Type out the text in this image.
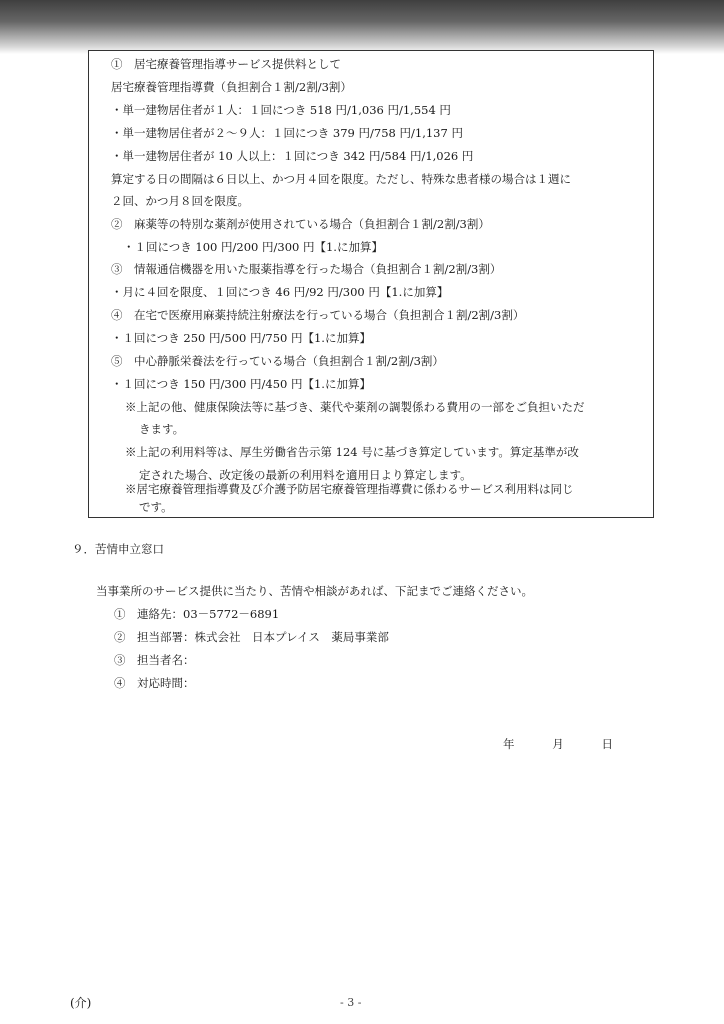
①　居宅療養管理指導サービス提供料として
居宅療養管理指導費（負担割合１割/2割/3割）
・単一建物居住者が１人：１回につき 518 円/1,036 円/1,554 円
・単一建物居住者が２～９人：１回につき 379 円/758 円/1,137 円
・単一建物居住者が 10 人以上：１回につき 342 円/584 円/1,026 円
算定する日の間隔は６日以上、かつ月４回を限度。ただし、特殊な患者様の場合は１週に
２回、かつ月８回を限度。
②　麻薬等の特別な薬剤が使用されている場合（負担割合１割/2割/3割）
・１回につき 100 円/200 円/300 円【1.に加算】
③　情報通信機器を用いた服薬指導を行った場合（負担割合１割/2割/3割）
・月に４回を限度、１回につき 46 円/92 円/300 円【1.に加算】
④　在宅で医療用麻薬持続注射療法を行っている場合（負担割合１割/2割/3割）
・１回につき 250 円/500 円/750 円【1.に加算】
⑤　中心静脈栄養法を行っている場合（負担割合１割/2割/3割）
・１回につき 150 円/300 円/450 円【1.に加算】
※上記の他、健康保険法等に基づき、薬代や薬剤の調製係わる費用の一部をご負担いただ
きます。
※上記の利用料等は、厚生労働省告示第 124 号に基づき算定しています。算定基準が改
定された場合、改定後の最新の利用料を適用日より算定します。
※居宅療養管理指導費及び介護予防居宅療養管理指導費に係わるサービス利用料は同じ
です。
９．苦情申立窓口
当事業所のサービス提供に当たり、苦情や相談があれば、下記までご連絡ください。
①　連絡先：03－5772－6891
②　担当部署：株式会社　日本プレイス　薬局事業部
③　担当者名：
④　対応時間：
年	月	日
(介)	- 3 -
